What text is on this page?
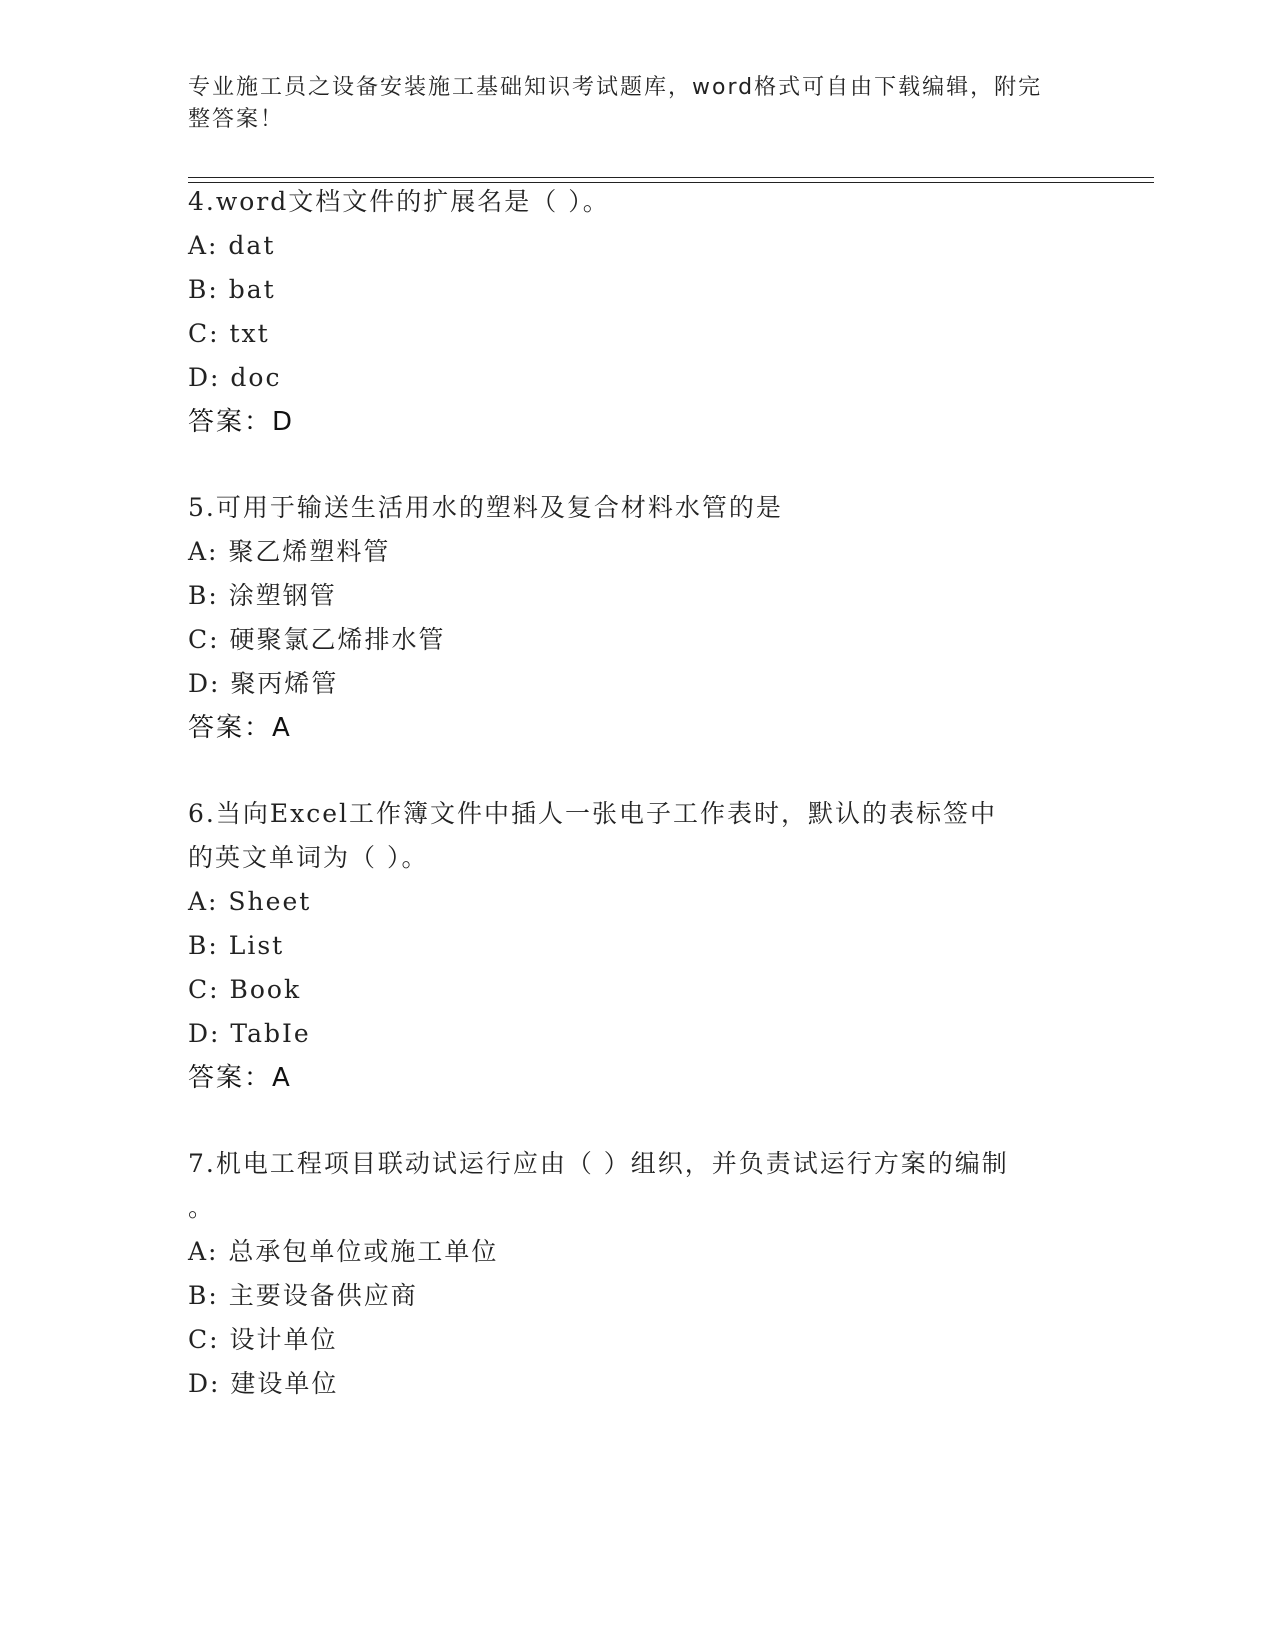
专业施工员之设备安装施工基础知识考试题库，word格式可自由下载编辑，附完
整答案！
4.word文档文件的扩展名是（ ）。
A: dat
B: bat
C: txt
D: doc
答案：D
5.可用于输送生活用水的塑料及复合材料水管的是
A: 聚乙烯塑料管
B: 涂塑钢管
C: 硬聚氯乙烯排水管
D: 聚丙烯管
答案：A
6.当向Excel工作簿文件中插人一张电子工作表时，默认的表标签中
的英文单词为（ ）。
A: Sheet
B: List
C: Book
D: TabIe
答案：A
7.机电工程项目联动试运行应由（ ）组织，并负责试运行方案的编制
。
A: 总承包单位或施工单位
B: 主要设备供应商
C: 设计单位
D: 建设单位
